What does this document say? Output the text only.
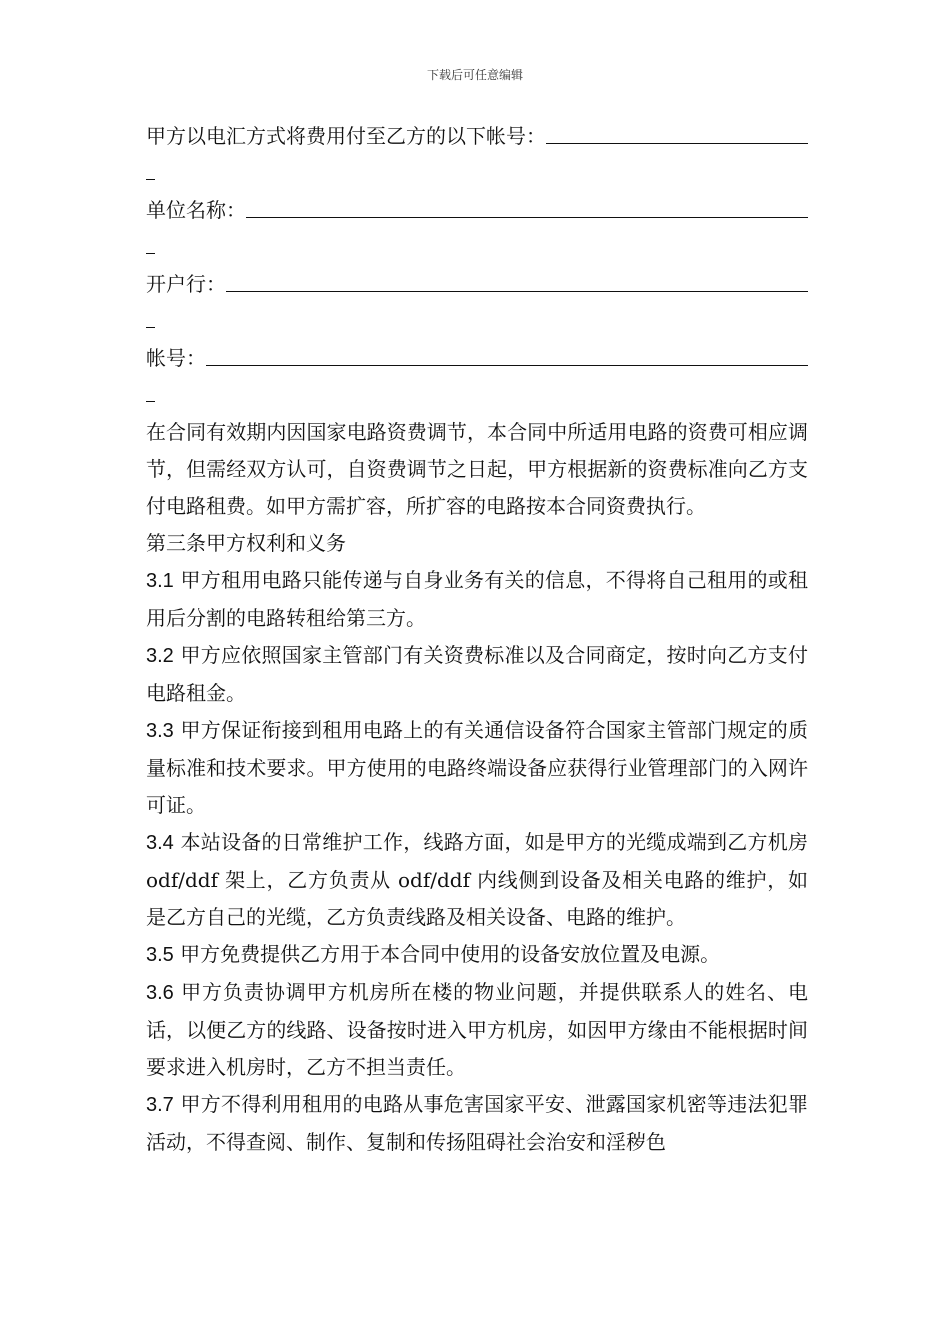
下载后可任意编辑
甲方以电汇方式将费用付至乙方的以下帐号：
单位名称：
开户行：
帐号：

在合同有效期内因国家电路资费调节，本合同中所适用电路的资费可相应调节，但需经双方认可，自资费调节之日起，甲方根据新的资费标准向乙方支付电路租费。如甲方需扩容，所扩容的电路按本合同资费执行。

第三条甲方权利和义务

3.1 甲方租用电路只能传递与自身业务有关的信息，不得将自己租用的或租用后分割的电路转租给第三方。

3.2 甲方应依照国家主管部门有关资费标准以及合同商定，按时向乙方支付电路租金。

3.3 甲方保证衔接到租用电路上的有关通信设备符合国家主管部门规定的质量标准和技术要求。甲方使用的电路终端设备应获得行业管理部门的入网许可证。

3.4 本站设备的日常维护工作，线路方面，如是甲方的光缆成端到乙方机房 odf/ddf 架上，乙方负责从 odf/ddf 内线侧到设备及相关电路的维护，如是乙方自己的光缆，乙方负责线路及相关设备、电路的维护。

3.5 甲方免费提供乙方用于本合同中使用的设备安放位置及电源。

3.6 甲方负责协调甲方机房所在楼的物业问题，并提供联系人的姓名、电话，以便乙方的线路、设备按时进入甲方机房，如因甲方缘由不能根据时间要求进入机房时，乙方不担当责任。

3.7 甲方不得利用租用的电路从事危害国家平安、泄露国家机密等违法犯罪活动，不得查阅、制作、复制和传扬阻碍社会治安和淫秽色
